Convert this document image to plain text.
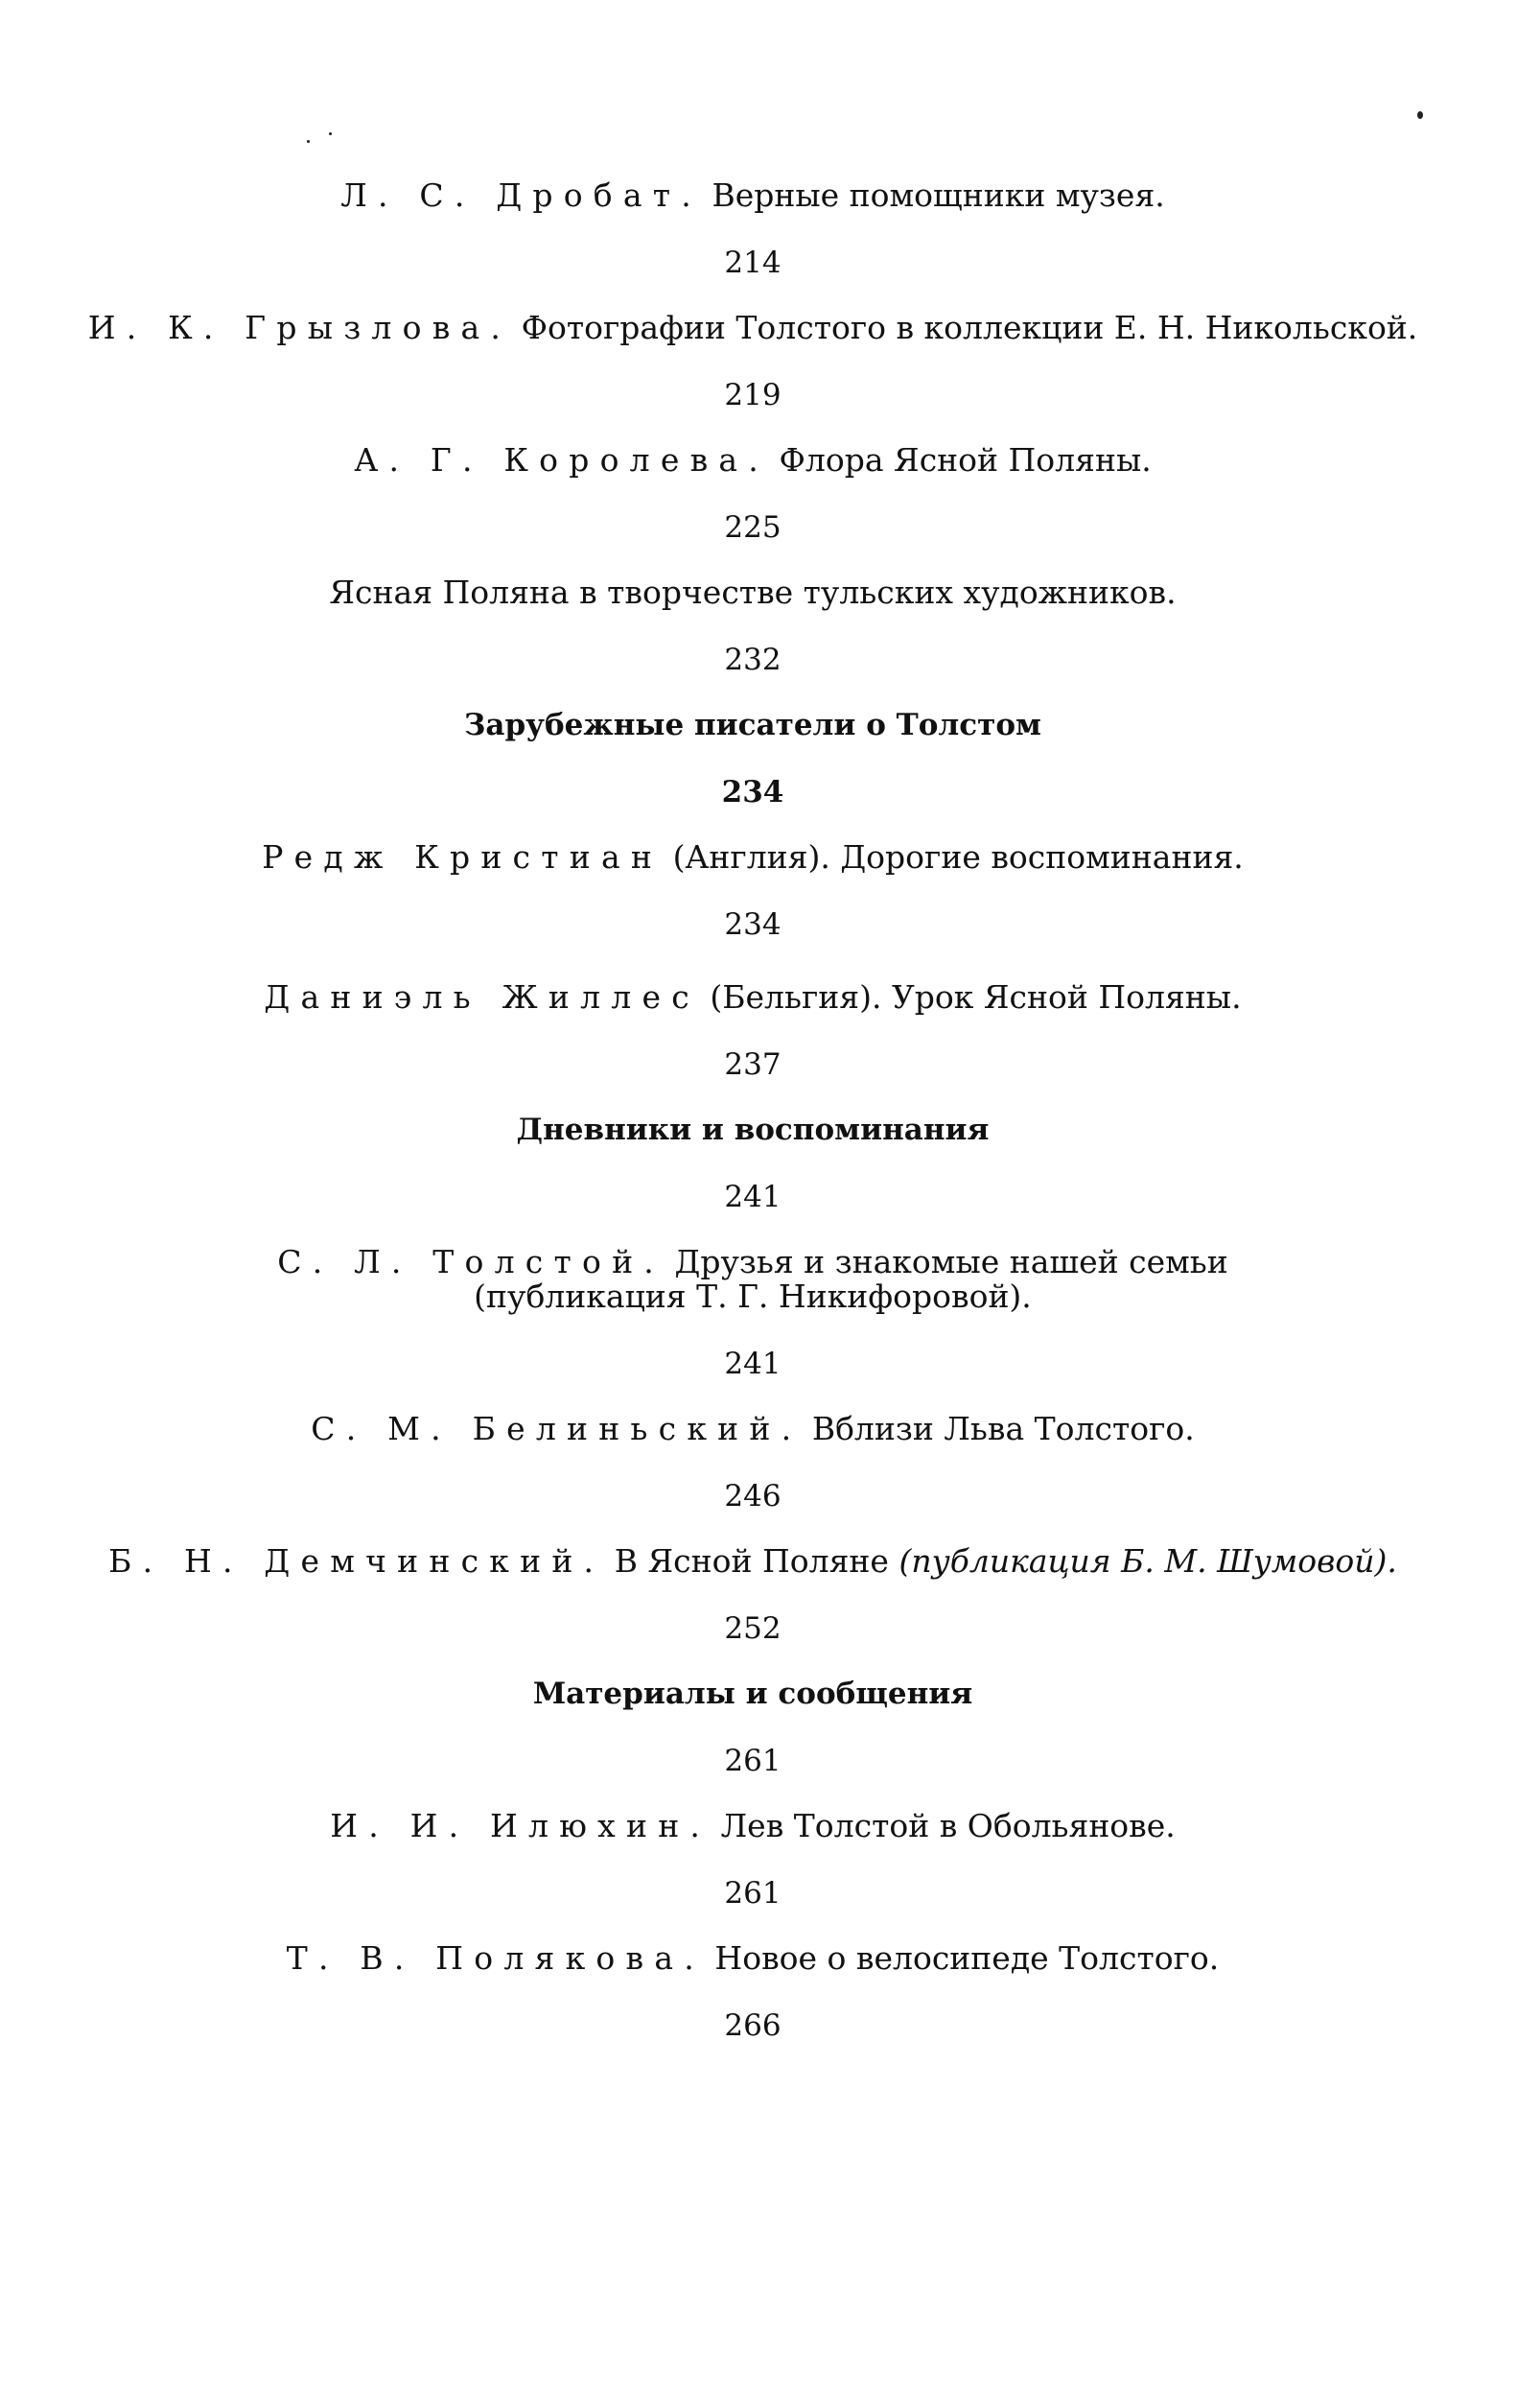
Л. С. Дробат. Верные помощники музея.
214
И. К. Грызлова. Фотографии Толстого в коллекции Е. Н. Никольской.
219
А. Г. Королева. Флора Ясной Поляны.
225
Ясная Поляна в творчестве тульских художников.
232
Зарубежные писатели о Толстом
234
Редж Кристиан (Англия). Дорогие воспоминания.
234
Даниэль Жиллес (Бельгия). Урок Ясной Поляны.
237
Дневники и воспоминания
241
С. Л. Толстой. Друзья и знакомые нашей семьи
(публикация Т. Г. Никифоровой).
241
С. М. Белиньский. Вблизи Льва Толстого.
246
Б. Н. Демчинский. В Ясной Поляне (публикация Б. М. Шумовой).
252
Материалы и сообщения
261
И. И. Илюхин. Лев Толстой в Обольянове.
261
Т. В. Полякова. Новое о велосипеде Толстого.
266
